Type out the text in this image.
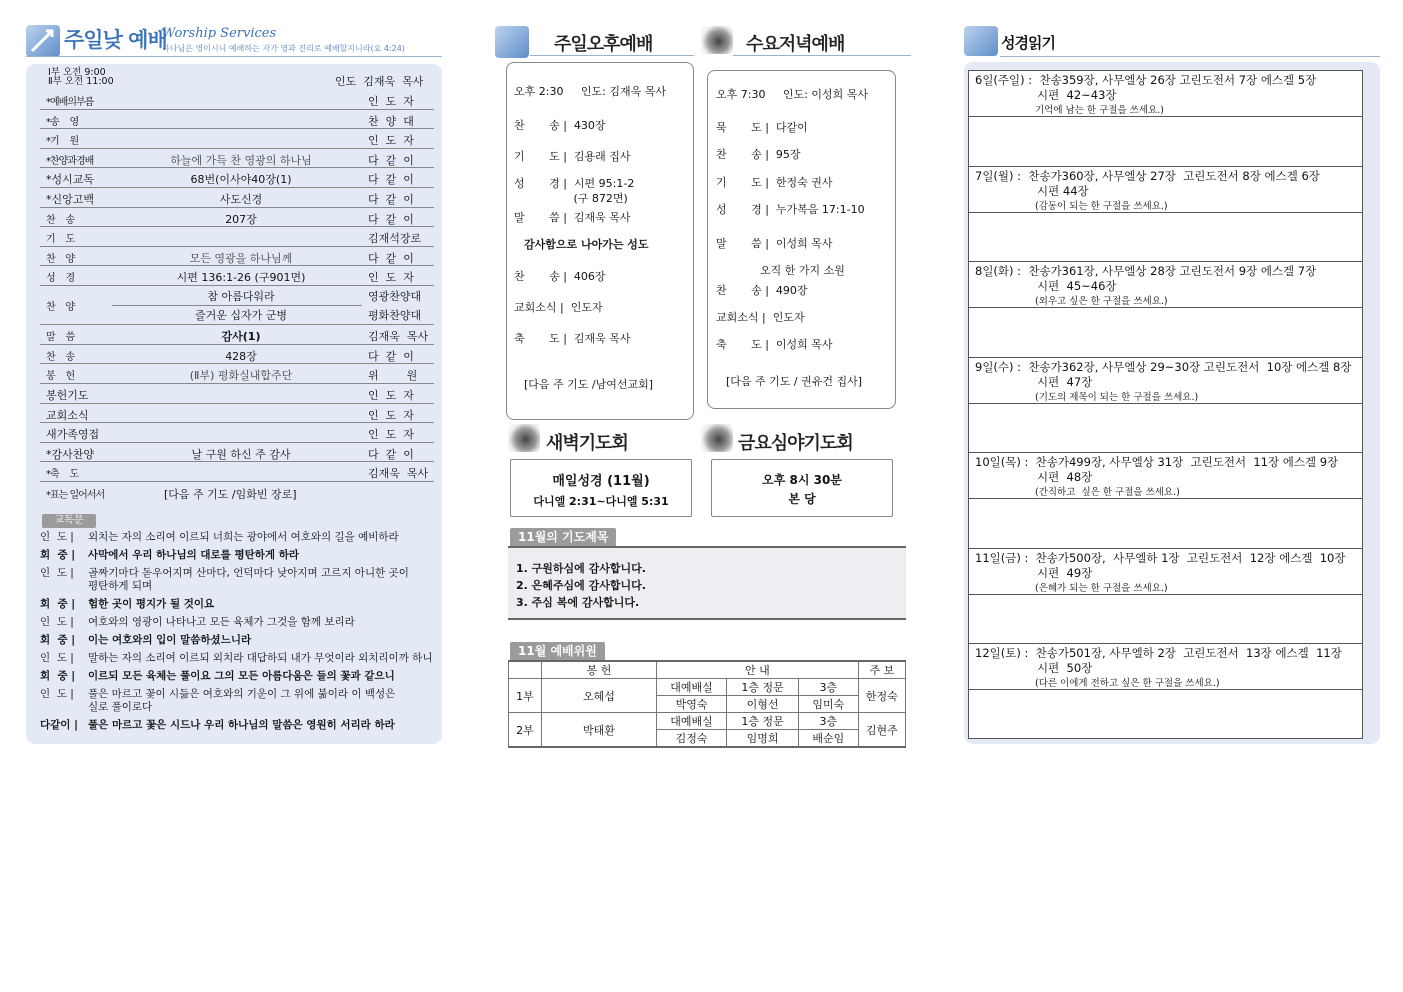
주일낮 예배
Worship Services
하나님은 영이시니 예배하는 자가 영과 진리로 예배할지니라(요 4:24)
Ⅰ부 오전 9:00
Ⅱ부 오전 11:00	인도  김재욱  목사
*예배의부름	인  도  자
*송     영	찬  양  대
*기     원	인  도  자
*찬양과경배	하늘에 가득 찬 영광의 하나님	다  같  이
*성시교독	68번(이사야40장(1)	다  같  이
*신앙고백	사도신경	다  같  이
찬     송	207장	다  같  이
기     도	김재석장로
찬     양	모든 영광을 하나님께	다  같  이
성     경	시편 136:1-26 (구901면)	인  도  자
찬     양
참 아름다워라	영광찬양대
즐거운 십자가 군병	평화찬양대
말     씀	감사(1)	김재욱  목사
찬     송	428장	다  같  이
봉     헌	(Ⅱ부) 평화실내합주단	위        원
봉헌기도	인  도  자
교회소식	인  도  자
새가족영접	인  도  자
*감사찬양	날 구원 하신 주 감사	다  같  이
*축     도	김재욱  목사
*표는 일어서서	[다음 주 기도 /임화빈 장로]
교독문
인  도 |	외치는 자의 소리여 이르되 너희는 광야에서 여호와의 길을 예비하라
회  중 |	사막에서 우리 하나님의 대로를 평탄하게 하라
인  도 |	골짜기마다 돋우어지며 산마다, 언덕마다 낮아지며 고르지 아니한 곳이
평탄하게 되며
회  중 |	험한 곳이 평지가 될 것이요
인  도 |	여호와의 영광이 나타나고 모든 육체가 그것을 함께 보리라
회  중 |	이는 여호와의 입이 말씀하셨느니라
인  도 |	말하는 자의 소리여 이르되 외치라 대답하되 내가 무엇이라 외치리이까 하니
회  중 |	이르되 모든 육체는 풀이요 그의 모든 아름다움은 들의 꽃과 같으니
인  도 |	풀은 마르고 꽃이 시듦은 여호와의 기운이 그 위에 붊이라 이 백성은
실로 풀이로다
다같이 | 풀은 마르고 꽃은 시드나 우리 하나님의 말씀은 영원히 서리라 하라
주일오후예배	수요저녁예배
오후 2:30     인도: 김재욱 목사
찬       송 |  430장
기       도 |  김용래 집사
성       경 |  시편 95:1-2
(구 872면)
말       씀 |  김재욱 목사
감사함으로 나아가는 성도
찬       송 |  406장
교회소식 |  인도자
축       도 |  김재욱 목사
[다음 주 기도 /남여선교회]
오후 7:30     인도: 이성희 목사
묵       도 |  다같이
찬       송 |  95장
기       도 |  한정숙 권사
성       경 |  누가복음 17:1-10
말       씀 |  이성희 목사
오직 한 가지 소원
찬       송 |  490장
교회소식 |  인도자
축       도 |  이성희 목사
[다음 주 기도 / 권유건 집사]
새벽기도회	금요심야기도회
매일성경 (11월)
다니엘 2:31~다니엘 5:31
오후 8시 30분
본 당
11월의 기도제목
1. 구원하심에 감사합니다.
2. 은혜주심에 감사합니다.
3. 주심 복에 감사합니다.
11월 예배위원
	봉 헌	안 내			주 보
1부	오혜섭	대예배실	1층 정문	3층	한정숙
		박영숙	이형선	임미숙	
2부	박태환	대예배실	1층 정문	3층	김현주
		김정숙	임명희	배순임	
성경읽기
6일(주일) :  찬송359장, 사무엘상 26장 고린도전서 7장 에스겔 5장
시편  42~43장
기억에 남는 한 구절을 쓰세요.)
7일(월) :  찬송가360장, 사무엘상 27장  고린도전서 8장 에스겔 6장
시편 44장
(감동이 되는 한 구절을 쓰세요.)
8일(화) :  찬송가361장, 사무엘상 28장 고린도전서 9장 에스겔 7장
시편  45~46장
(외우고 싶은 한 구절을 쓰세요.)
9일(수) :  찬송가362장, 사무엘상 29~30장 고린도전서  10장 에스겔 8장
시편  47장
(기도의 제목이 되는 한 구절을 쓰세요.)
10일(목) :  찬송가499장, 사무엘상 31장  고린도전서  11장 에스겔 9장
시편  48장
(간직하고  싶은 한 구절을 쓰세요.)
11일(금) :  찬송가500장,  사무엘하 1장  고린도전서  12장 에스겔  10장
시편  49장
(은혜가 되는 한 구절을 쓰세요.)
12일(토) :  찬송가501장, 사무엘하 2장  고린도전서  13장 에스겔  11장
시편  50장
(다른 이에게 전하고 싶은 한 구절을 쓰세요.)
